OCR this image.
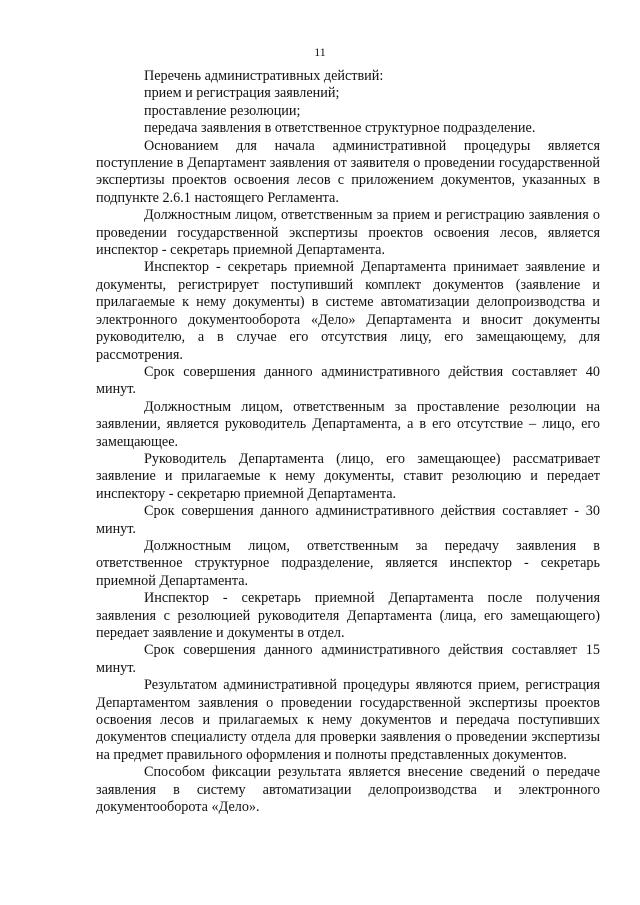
11
Перечень административных действий:
прием и регистрация заявлений;
проставление резолюции;
передача заявления в ответственное структурное подразделение.

Основанием для начала административной процедуры является поступление в Департамент заявления от заявителя о проведении государственной экспертизы проектов освоения лесов с приложением документов, указанных в подпункте 2.6.1 настоящего Регламента.

Должностным лицом, ответственным за прием и регистрацию заявления о проведении государственной экспертизы проектов освоения лесов, является инспектор - секретарь приемной Департамента.

Инспектор - секретарь приемной Департамента принимает заявление и документы, регистрирует поступивший комплект документов (заявление и прилагаемые к нему документы) в системе автоматизации делопроизводства и электронного документооборота «Дело» Департамента и вносит документы руководителю, а в случае его отсутствия лицу, его замещающему, для рассмотрения.

Срок совершения данного административного действия составляет 40 минут.

Должностным лицом, ответственным за проставление резолюции на заявлении, является руководитель Департамента, а в его отсутствие – лицо, его замещающее.

Руководитель Департамента (лицо, его замещающее) рассматривает заявление и прилагаемые к нему документы, ставит резолюцию и передает инспектору - секретарю приемной Департамента.

Срок совершения данного административного действия составляет - 30 минут.

Должностным лицом, ответственным за передачу заявления в ответственное структурное подразделение, является инспектор - секретарь приемной Департамента.

Инспектор - секретарь приемной Департамента после получения заявления с резолюцией руководителя Департамента (лица, его замещающего) передает заявление и документы в отдел.

Срок совершения данного административного действия составляет 15 минут.

Результатом административной процедуры являются прием, регистрация Департаментом заявления о проведении государственной экспертизы проектов освоения лесов и прилагаемых к нему документов и передача поступивших документов специалисту отдела для проверки заявления о проведении экспертизы на предмет правильного оформления и полноты представленных документов.

Способом фиксации результата является внесение сведений о передаче заявления в систему автоматизации делопроизводства и электронного документооборота «Дело».
